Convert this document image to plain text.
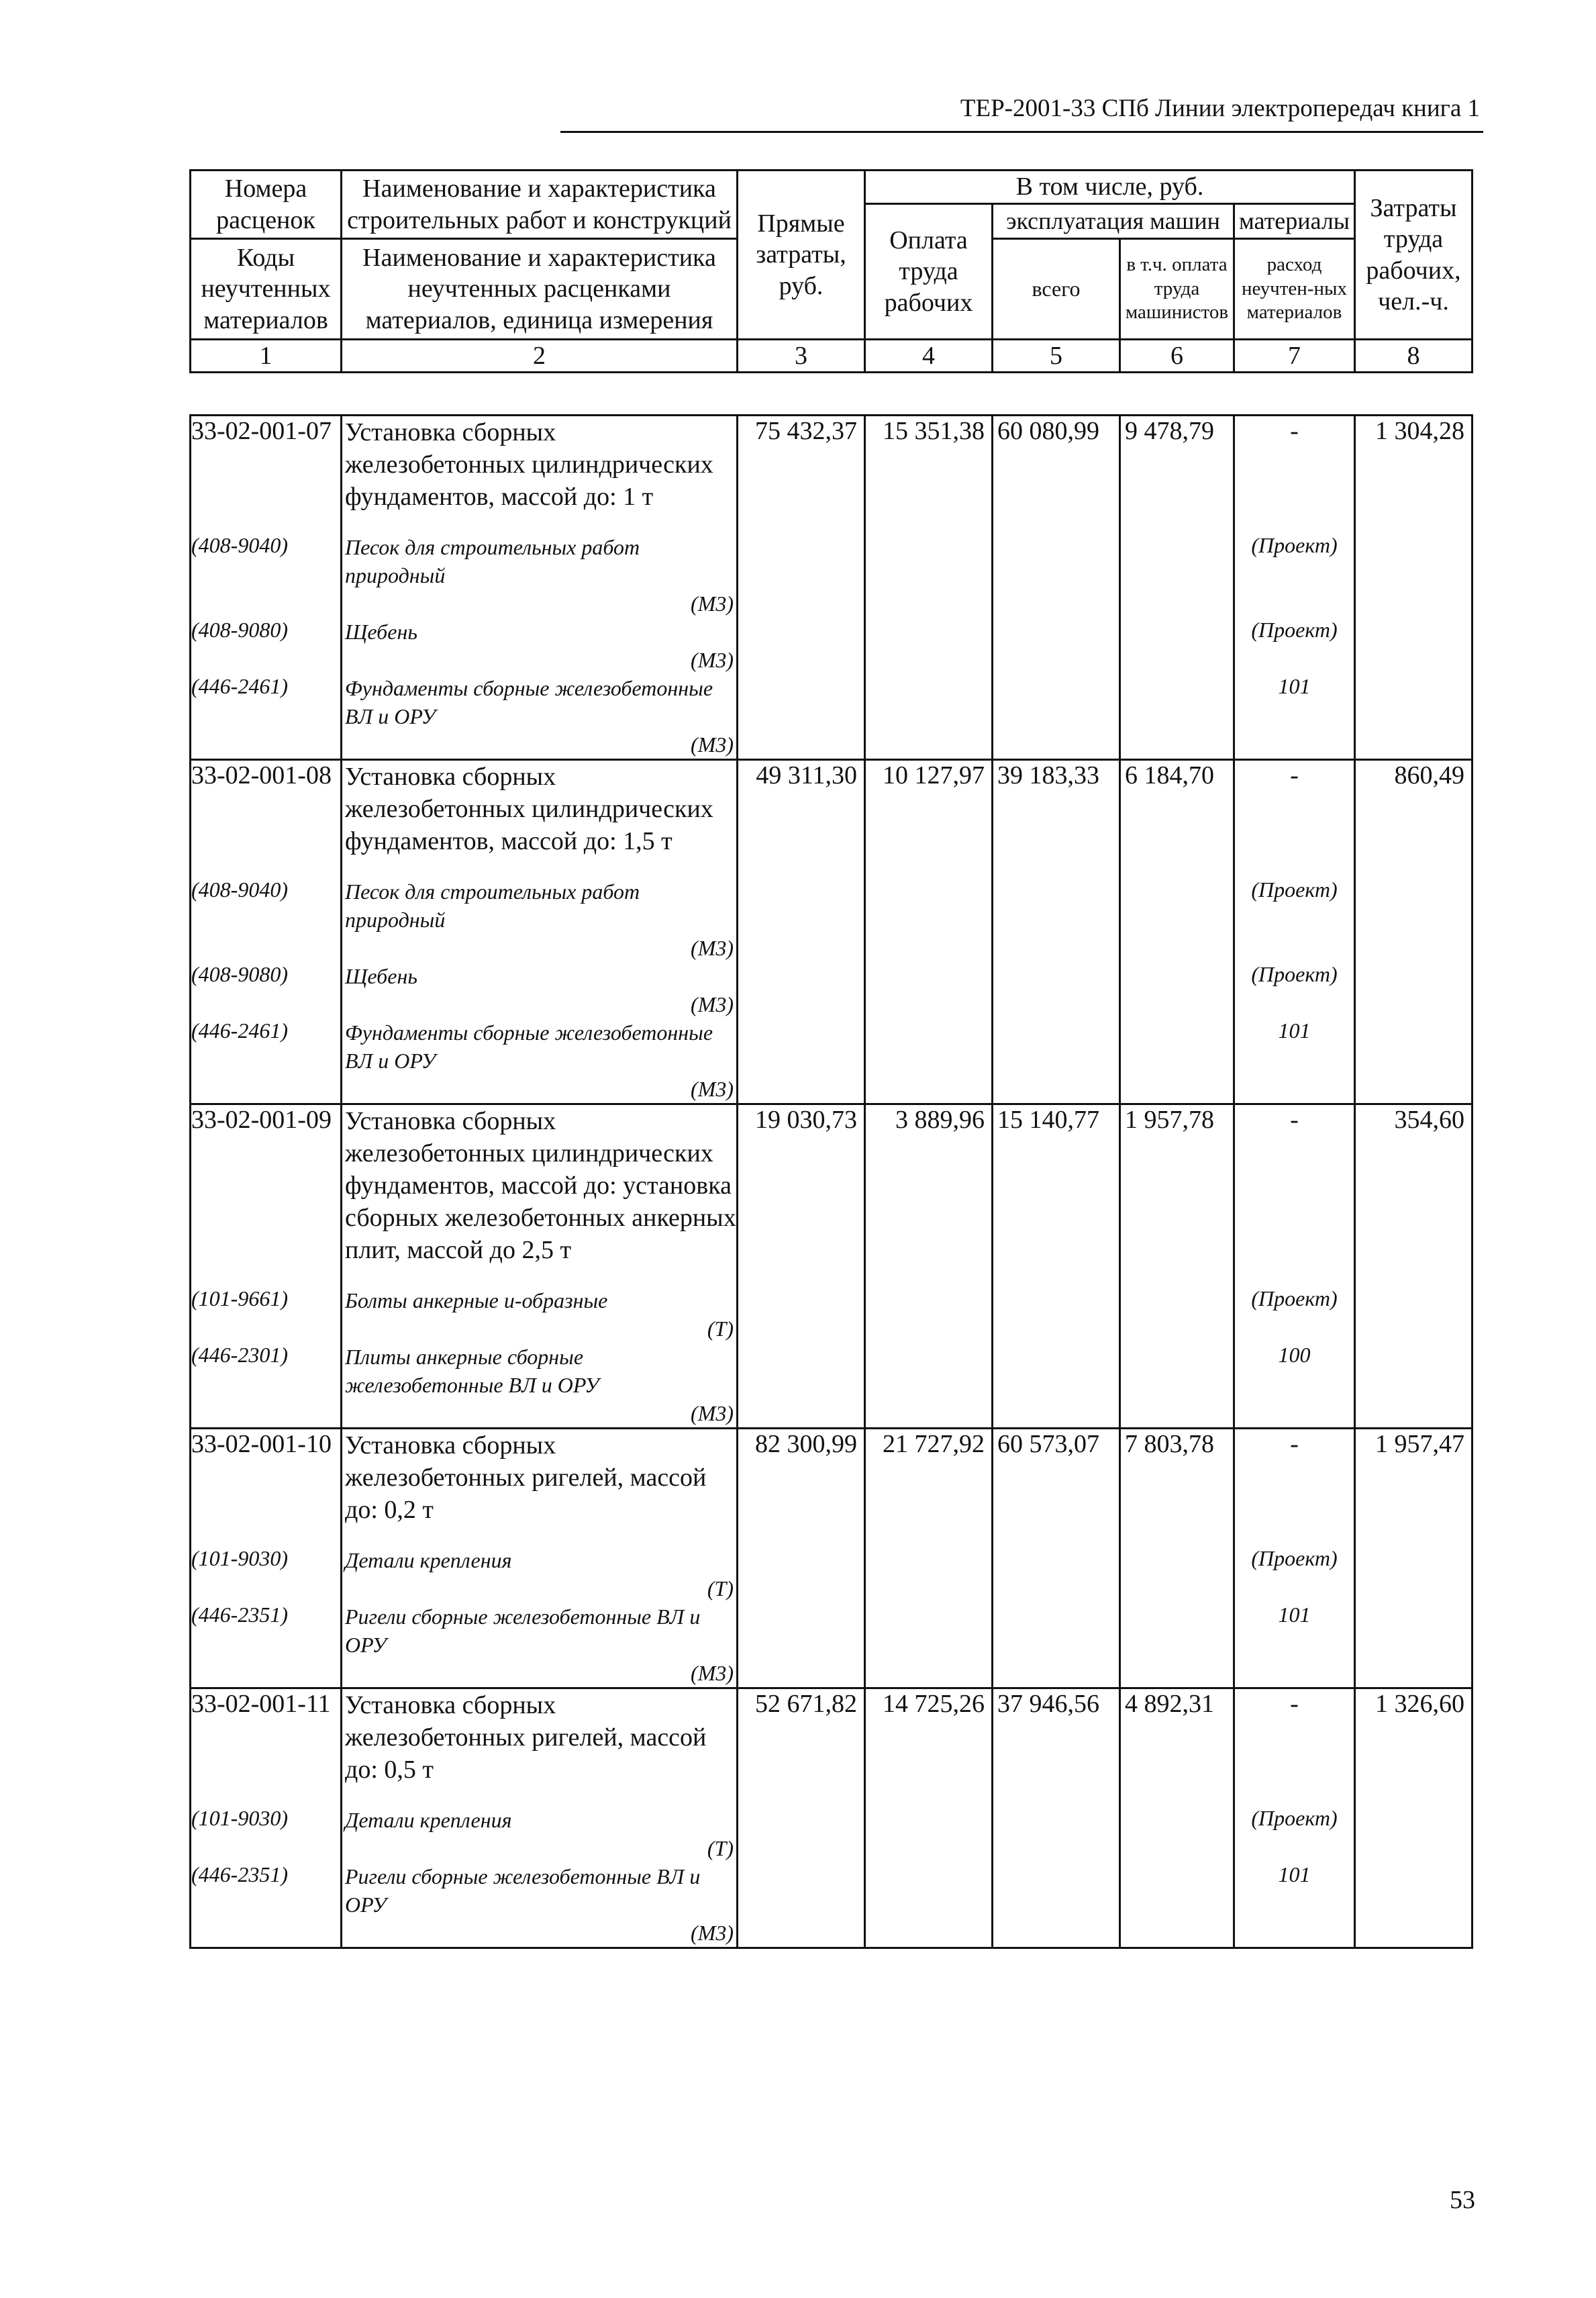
ТЕР-2001-33 СПб Линии электропередач книга 1
Номера расценок	Наименование и характеристика строительных работ и конструкций	Прямые затраты, руб.	В том числе, руб.				Затраты труда рабочих, чел.-ч.
			Оплата труда рабочих	эксплуатация машин		материалы	
Коды неучтенных материалов	Наименование и характеристика неучтенных расценками материалов, единица измерения			всего	в т.ч. оплата труда машинистов	расход неучтен-ных материалов	

1	2	3	4	5	6	7	8
33-02-001-07	Установка сборных железобетонных цилиндрических фундаментов, массой до: 1 т	75 432,37	15 351,38	60 080,99	9 478,79	-	1 304,28

(408-9040)	Песок для строительных работ природный
(М3)					(Проект)	
(408-9080)	Щебень
(М3)					(Проект)	
(446-2461)	Фундаменты сборные железобетонные ВЛ и ОРУ
(М3)					101	
33-02-001-08	Установка сборных железобетонных цилиндрических фундаментов, массой до: 1,5 т	49 311,30	10 127,97	39 183,33	6 184,70	-	860,49

(408-9040)	Песок для строительных работ природный
(М3)					(Проект)	
(408-9080)	Щебень
(М3)					(Проект)	
(446-2461)	Фундаменты сборные железобетонные ВЛ и ОРУ
(М3)					101	
33-02-001-09	Установка сборных железобетонных цилиндрических фундаментов, массой до: установка сборных железобетонных анкерных плит, массой до 2,5 т	19 030,73	3 889,96	15 140,77	1 957,78	-	354,60

(101-9661)	Болты анкерные и-образные
(Т)					(Проект)	
(446-2301)	Плиты анкерные сборные железобетонные ВЛ и ОРУ
(М3)					100	
33-02-001-10	Установка сборных железобетонных ригелей, массой до: 0,2 т	82 300,99	21 727,92	60 573,07	7 803,78	-	1 957,47

(101-9030)	Детали крепления
(Т)					(Проект)	
(446-2351)	Ригели сборные железобетонные ВЛ и ОРУ
(М3)					101	
33-02-001-11	Установка сборных железобетонных ригелей, массой до: 0,5 т	52 671,82	14 725,26	37 946,56	4 892,31	-	1 326,60

(101-9030)	Детали крепления
(Т)					(Проект)	
(446-2351)	Ригели сборные железобетонные ВЛ и ОРУ
(М3)					101	
53
